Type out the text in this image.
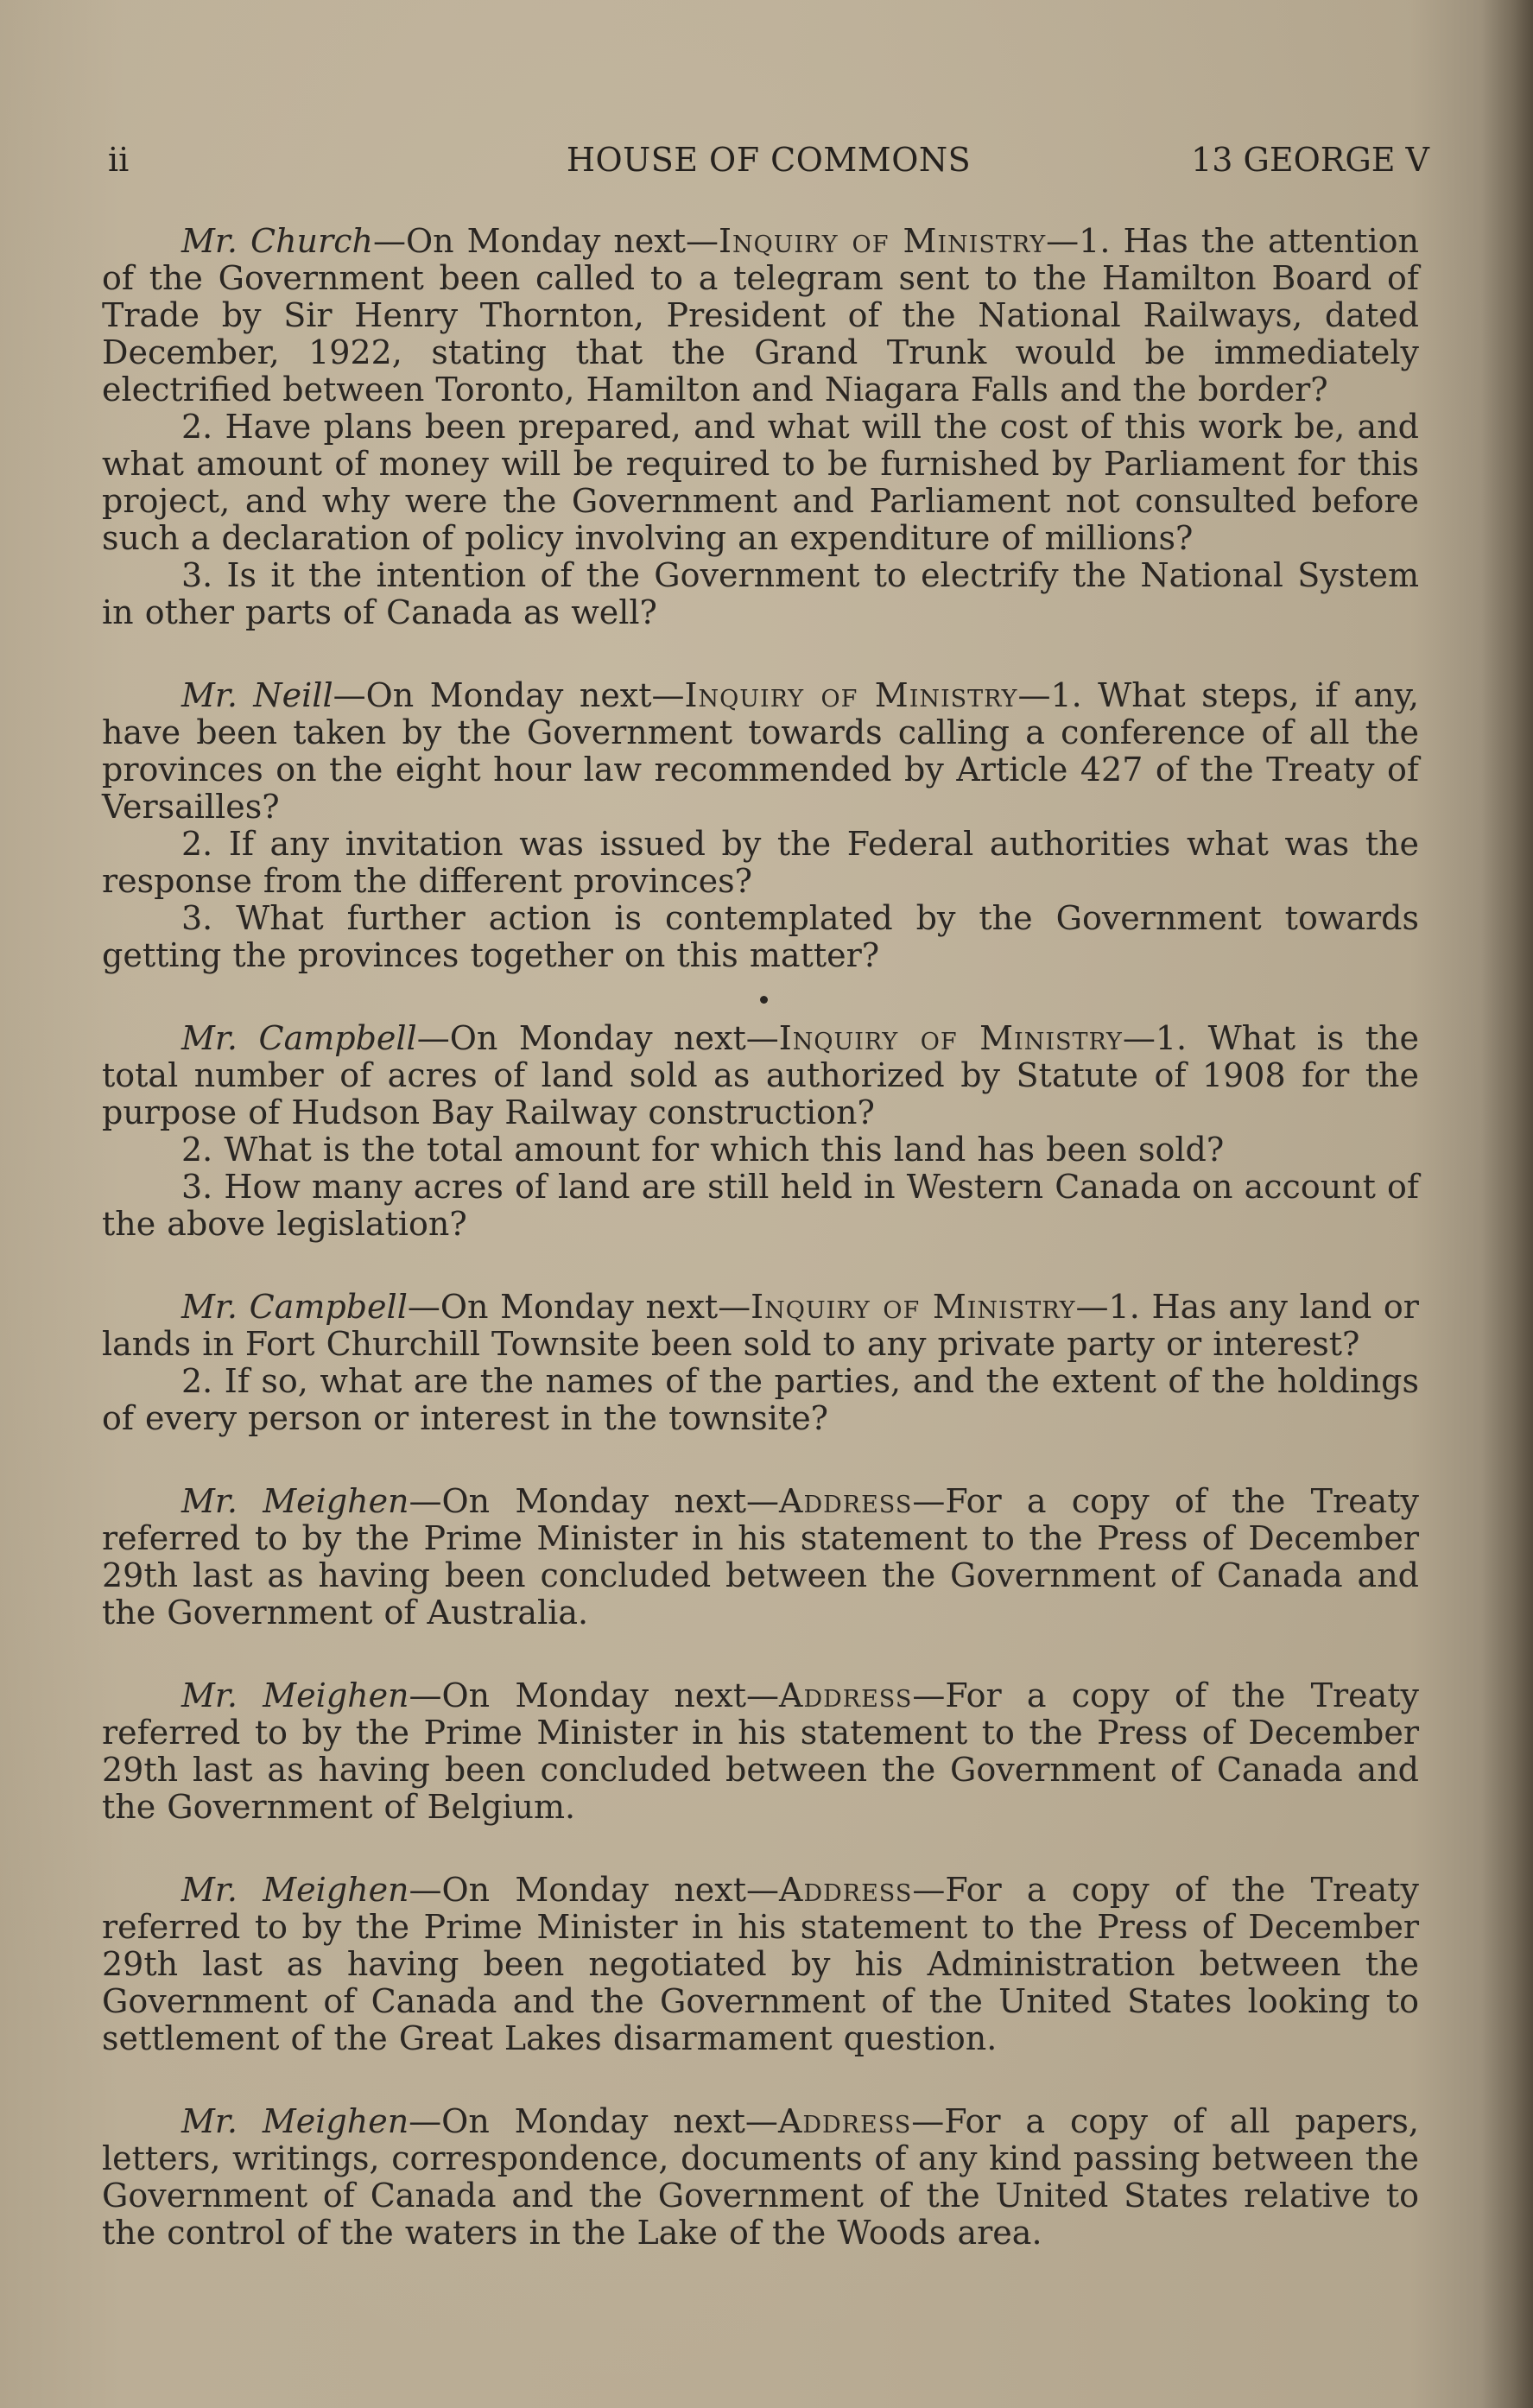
ii	HOUSE OF COMMONS	13 GEORGE V

Mr. Church—On Monday next—Inquiry of Ministry—1. Has the attention of the Government been called to a telegram sent to the Hamilton Board of Trade by Sir Henry Thornton, President of the National Railways, dated December, 1922, stating that the Grand Trunk would be immediately electrified between Toronto, Hamilton and Niagara Falls and the border?

2. Have plans been prepared, and what will the cost of this work be, and what amount of money will be required to be furnished by Parliament for this project, and why were the Government and Parliament not consulted before such a declaration of policy involving an expenditure of millions?

3. Is it the intention of the Government to electrify the National System in other parts of Canada as well?

Mr. Neill—On Monday next—Inquiry of Ministry—1. What steps, if any, have been taken by the Government towards calling a conference of all the provinces on the eight hour law recommended by Article 427 of the Treaty of Versailles?

2. If any invitation was issued by the Federal authorities what was the response from the different provinces?

3. What further action is contemplated by the Government towards getting the provinces together on this matter?

Mr. Campbell—On Monday next—Inquiry of Ministry—1. What is the total number of acres of land sold as authorized by Statute of 1908 for the purpose of Hudson Bay Railway construction?

2. What is the total amount for which this land has been sold?

3. How many acres of land are still held in Western Canada on account of the above legislation?

Mr. Campbell—On Monday next—Inquiry of Ministry—1. Has any land or lands in Fort Churchill Townsite been sold to any private party or interest?

2. If so, what are the names of the parties, and the extent of the holdings of every person or interest in the townsite?

Mr. Meighen—On Monday next—Address—For a copy of the Treaty referred to by the Prime Minister in his statement to the Press of December 29th last as having been concluded between the Government of Canada and the Government of Australia.

Mr. Meighen—On Monday next—Address—For a copy of the Treaty referred to by the Prime Minister in his statement to the Press of December 29th last as having been concluded between the Government of Canada and the Government of Belgium.

Mr. Meighen—On Monday next—Address—For a copy of the Treaty referred to by the Prime Minister in his statement to the Press of December 29th last as having been negotiated by his Administration between the Government of Canada and the Government of the United States looking to settlement of the Great Lakes disarmament question.

Mr. Meighen—On Monday next—Address—For a copy of all papers, letters, writings, correspondence, documents of any kind passing between the Government of Canada and the Government of the United States relative to the control of the waters in the Lake of the Woods area.
